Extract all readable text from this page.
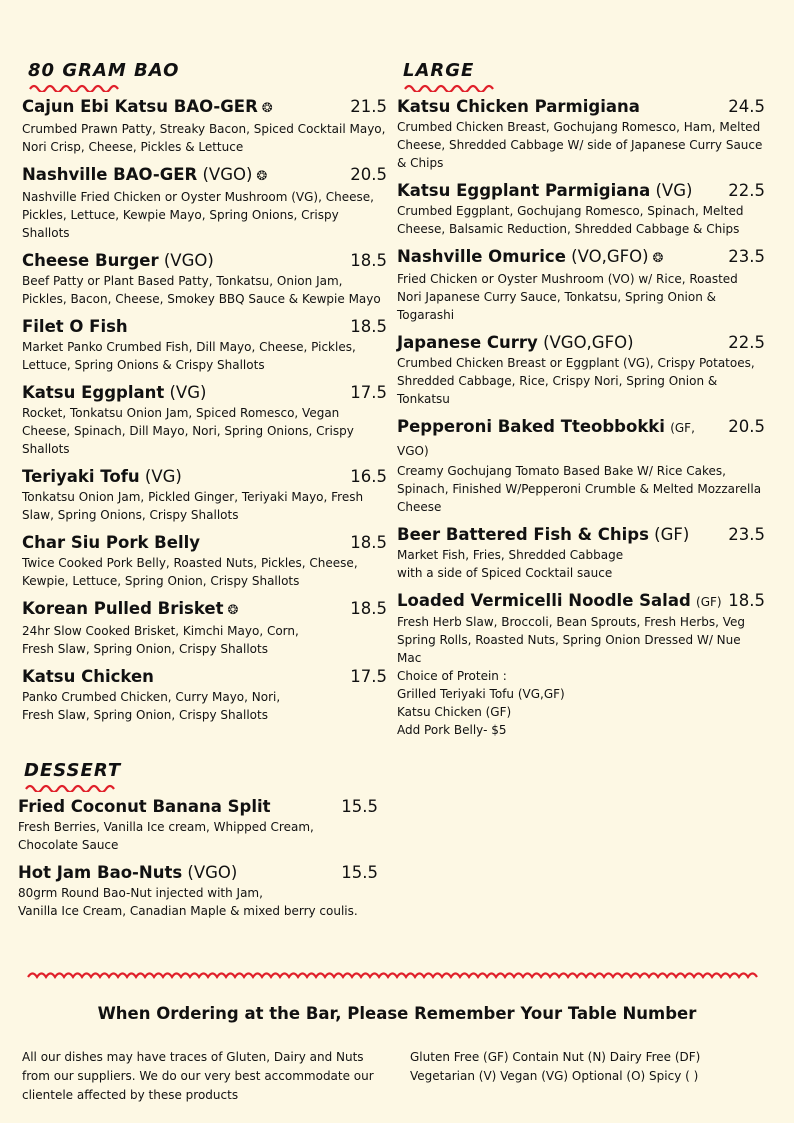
80 GRAM BAO
Cajun Ebi Katsu BAO-GER ❂	21.5

Crumbed Prawn Patty, Streaky Bacon, Spiced Cocktail Mayo, Nori Crisp, Cheese, Pickles & Lettuce

Nashville BAO-GER (VGO) ❂	20.5

Nashville Fried Chicken or Oyster Mushroom (VG), Cheese, Pickles, Lettuce, Kewpie Mayo, Spring Onions, Crispy Shallots

Cheese Burger (VGO)	18.5

Beef Patty or Plant Based Patty, Tonkatsu, Onion Jam, Pickles, Bacon, Cheese, Smokey BBQ Sauce & Kewpie Mayo

Filet O Fish	18.5

Market Panko Crumbed Fish, Dill Mayo, Cheese, Pickles, Lettuce, Spring Onions & Crispy Shallots

Katsu Eggplant (VG)	17.5

Rocket, Tonkatsu Onion Jam, Spiced Romesco, Vegan Cheese, Spinach, Dill Mayo, Nori, Spring Onions, Crispy Shallots

Teriyaki Tofu (VG)	16.5

Tonkatsu Onion Jam, Pickled Ginger, Teriyaki Mayo, Fresh Slaw, Spring Onions, Crispy Shallots

Char Siu Pork Belly	18.5

Twice Cooked Pork Belly, Roasted Nuts, Pickles, Cheese, Kewpie, Lettuce, Spring Onion, Crispy Shallots

Korean Pulled Brisket ❂	18.5

24hr Slow Cooked Brisket, Kimchi Mayo, Corn,
Fresh Slaw, Spring Onion, Crispy Shallots

Katsu Chicken	17.5

Panko Crumbed Chicken, Curry Mayo, Nori,
Fresh Slaw, Spring Onion, Crispy Shallots

LARGE
Katsu Chicken Parmigiana	24.5

Crumbed Chicken Breast, Gochujang Romesco, Ham, Melted Cheese, Shredded Cabbage W/ side of Japanese Curry Sauce & Chips

Katsu Eggplant Parmigiana (VG) 22.5

Crumbed Eggplant, Gochujang Romesco, Spinach, Melted Cheese, Balsamic Reduction, Shredded Cabbage & Chips

Nashville Omurice (VO,GFO) ❂	23.5

Fried Chicken or Oyster Mushroom (VO) w/ Rice, Roasted Nori Japanese Curry Sauce, Tonkatsu, Spring Onion & Togarashi

Japanese Curry (VGO,GFO)	22.5

Crumbed Chicken Breast or Eggplant (VG), Crispy Potatoes, Shredded Cabbage, Rice, Crispy Nori, Spring Onion & Tonkatsu

Pepperoni Baked Tteobbokki (GF, VGO)
20.5

Creamy Gochujang Tomato Based Bake W/ Rice Cakes, Spinach, Finished W/Pepperoni Crumble & Melted Mozzarella Cheese

Beer Battered Fish & Chips (GF) 23.5

Market Fish, Fries, Shredded Cabbage
with a side of Spiced Cocktail sauce

Loaded Vermicelli Noodle Salad (GF) 18.5

Fresh Herb Slaw, Broccoli, Bean Sprouts, Fresh Herbs, Veg Spring Rolls, Roasted Nuts, Spring Onion Dressed W/ Nue Mac

Choice of Protein :
Grilled Teriyaki Tofu (VG,GF)
Katsu Chicken (GF)
Add Pork Belly- $5
DESSERT
Fried Coconut Banana Split	15.5

Fresh Berries, Vanilla Ice cream, Whipped Cream,
Chocolate Sauce

Hot Jam Bao-Nuts (VGO)	15.5

80grm Round Bao-Nut injected with Jam,
Vanilla Ice Cream, Canadian Maple & mixed berry coulis.

When Ordering at the Bar, Please Remember Your Table Number
All our dishes may have traces of Gluten, Dairy and Nuts from our suppliers. We do our very best accommodate our clientele affected by these products
Gluten Free (GF) Contain Nut (N) Dairy Free (DF) Vegetarian (V) Vegan (VG) Optional (O) Spicy ( )
